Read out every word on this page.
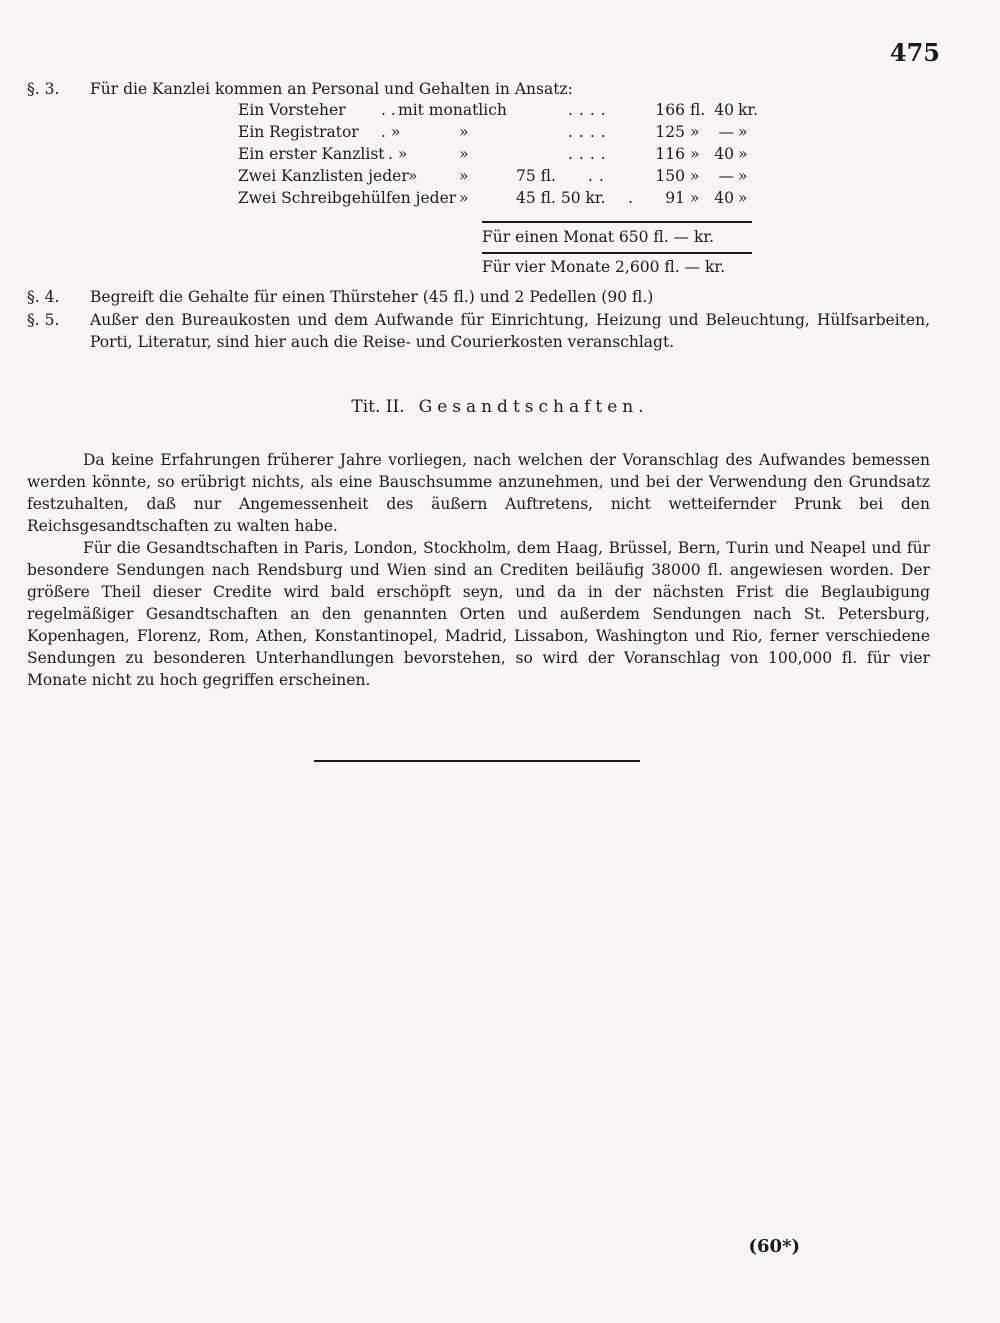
475
§. 3. Für die Kanzlei kommen an Personal und Gehalten in Ansatz:
Ein Vorsteher . . mit monatlich	....	166 fl. 40 kr.
Ein Registrator . »	»	....	125 »	— »
Ein erster Kanzlist . »	»	....	116 » 40 »
Zwei Kanzlisten jeder »	»	75 fl. ..	150 »	— »
Zwei Schreibgehülfen jeder »	45 fl. 50 kr. .	91 » 40 »
Für einen Monat 650 fl. — kr.
Für vier Monate 2,600 fl. — kr.
§. 4. Begreift die Gehalte für einen Thürsteher (45 fl.) und 2 Pedellen (90 fl.)
§. 5. Außer den Bureaukosten und dem Aufwande für Einrichtung, Heizung und Beleuchtung, Hülfsarbeiten, Porti, Literatur, sind hier auch die Reise- und Courierkosten veranschlagt.
Tit. II. Gesandtschaften.

Da keine Erfahrungen früherer Jahre vorliegen, nach welchen der Voranschlag des Aufwandes bemessen werden könnte, so erübrigt nichts, als eine Bauschsumme anzunehmen, und bei der Verwendung den Grundsatz festzuhalten, daß nur Angemessenheit des äußern Auftretens, nicht wetteifernder Prunk bei den Reichsgesandtschaften zu walten habe.

Für die Gesandtschaften in Paris, London, Stockholm, dem Haag, Brüssel, Bern, Turin und Neapel und für besondere Sendungen nach Rendsburg und Wien sind an Crediten beiläufig 38000 fl. angewiesen worden. Der größere Theil dieser Credite wird bald erschöpft seyn, und da in der nächsten Frist die Beglaubigung regelmäßiger Gesandtschaften an den genannten Orten und außerdem Sendungen nach St. Petersburg, Kopenhagen, Florenz, Rom, Athen, Konstantinopel, Madrid, Lissabon, Washington und Rio, ferner verschiedene Sendungen zu besonderen Unterhandlungen bevorstehen, so wird der Voranschlag von 100,000 fl. für vier Monate nicht zu hoch gegriffen erscheinen.

(60*)
